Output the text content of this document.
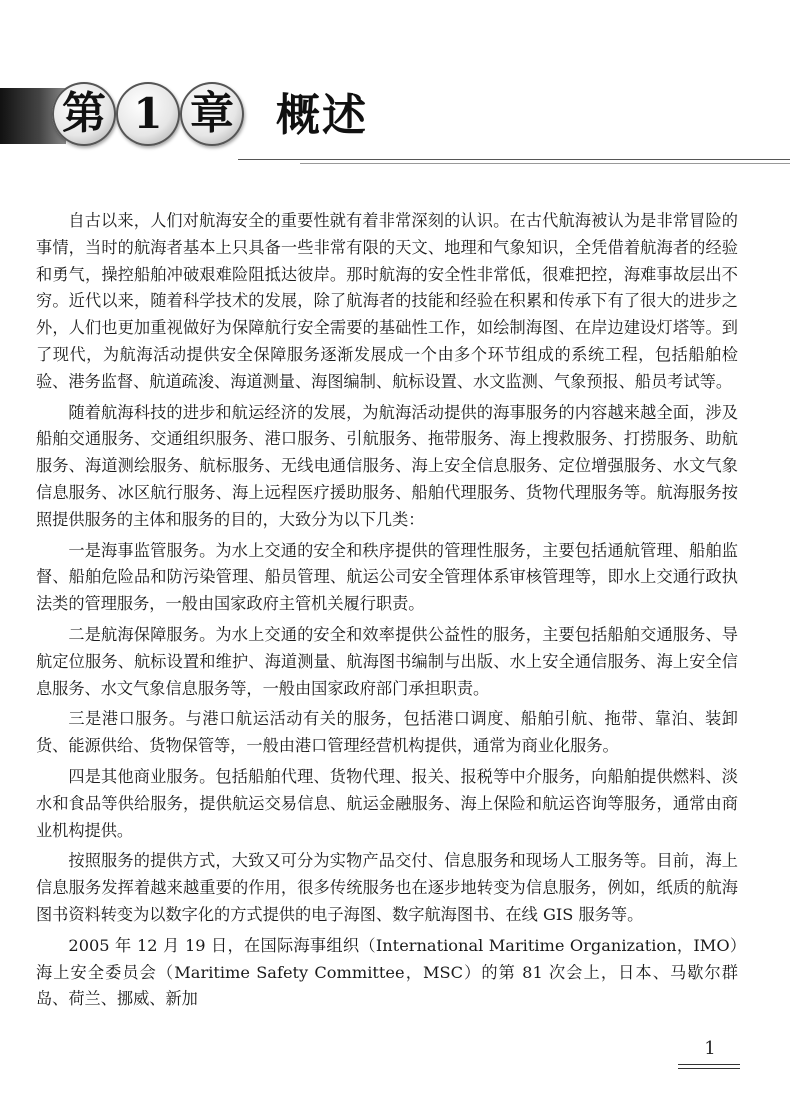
第 1 章 概述

自古以来，人们对航海安全的重要性就有着非常深刻的认识。在古代航海被认为是非常冒险的事情，当时的航海者基本上只具备一些非常有限的天文、地理和气象知识，全凭借着航海者的经验和勇气，操控船舶冲破艰难险阻抵达彼岸。那时航海的安全性非常低，很难把控，海难事故层出不穷。近代以来，随着科学技术的发展，除了航海者的技能和经验在积累和传承下有了很大的进步之外，人们也更加重视做好为保障航行安全需要的基础性工作，如绘制海图、在岸边建设灯塔等。到了现代，为航海活动提供安全保障服务逐渐发展成一个由多个环节组成的系统工程，包括船舶检验、港务监督、航道疏浚、海道测量、海图编制、航标设置、水文监测、气象预报、船员考试等。

随着航海科技的进步和航运经济的发展，为航海活动提供的海事服务的内容越来越全面，涉及船舶交通服务、交通组织服务、港口服务、引航服务、拖带服务、海上搜救服务、打捞服务、助航服务、海道测绘服务、航标服务、无线电通信服务、海上安全信息服务、定位增强服务、水文气象信息服务、冰区航行服务、海上远程医疗援助服务、船舶代理服务、货物代理服务等。航海服务按照提供服务的主体和服务的目的，大致分为以下几类：

一是海事监管服务。为水上交通的安全和秩序提供的管理性服务，主要包括通航管理、船舶监督、船舶危险品和防污染管理、船员管理、航运公司安全管理体系审核管理等，即水上交通行政执法类的管理服务，一般由国家政府主管机关履行职责。

二是航海保障服务。为水上交通的安全和效率提供公益性的服务，主要包括船舶交通服务、导航定位服务、航标设置和维护、海道测量、航海图书编制与出版、水上安全通信服务、海上安全信息服务、水文气象信息服务等，一般由国家政府部门承担职责。

三是港口服务。与港口航运活动有关的服务，包括港口调度、船舶引航、拖带、靠泊、装卸货、能源供给、货物保管等，一般由港口管理经营机构提供，通常为商业化服务。

四是其他商业服务。包括船舶代理、货物代理、报关、报税等中介服务，向船舶提供燃料、淡水和食品等供给服务，提供航运交易信息、航运金融服务、海上保险和航运咨询等服务，通常由商业机构提供。

按照服务的提供方式，大致又可分为实物产品交付、信息服务和现场人工服务等。目前，海上信息服务发挥着越来越重要的作用，很多传统服务也在逐步地转变为信息服务，例如，纸质的航海图书资料转变为以数字化的方式提供的电子海图、数字航海图书、在线 GIS 服务等。

2005 年 12 月 19 日，在国际海事组织（International Maritime Organization，IMO）海上安全委员会（Maritime Safety Committee，MSC）的第 81 次会上，日本、马歇尔群岛、荷兰、挪威、新加

1
